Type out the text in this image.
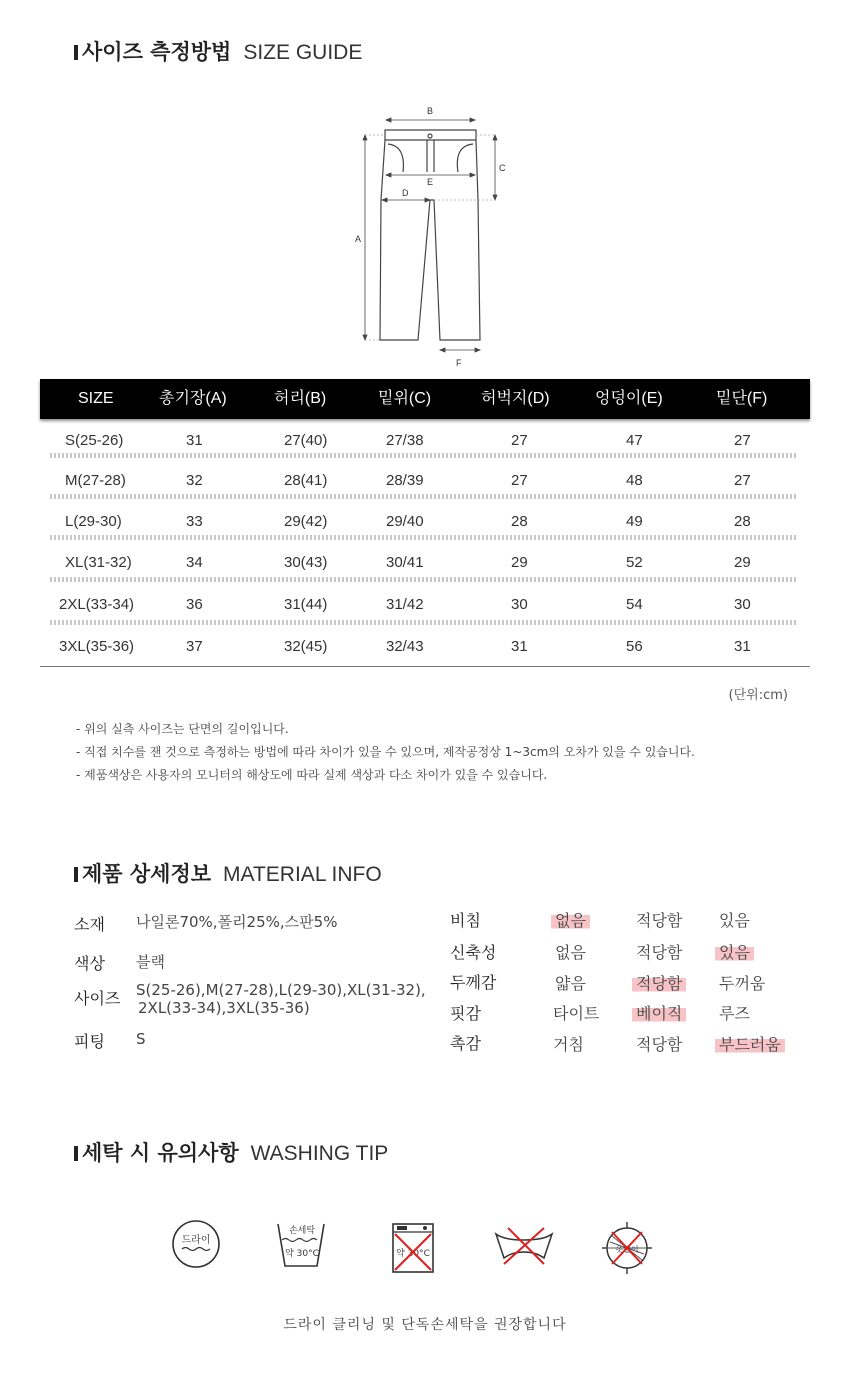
사이즈 측정방법 SIZE GUIDE
B
E
D
C
A
F
SIZE	총기장(A)	허리(B)	밑위(C)	허벅지(D)	엉덩이(E)	밑단(F)
S(25-26)	31	27(40)	27/38	27	47	27
M(27-28)	32	28(41)	28/39	27	48	27
L(29-30)	33	29(42)	29/40	28	49	28
XL(31-32)	34	30(43)	30/41	29	52	29
2XL(33-34)	36	31(44)	31/42	30	54	30
3XL(35-36)	37	32(45)	32/43	31	56	31
(단위:cm)
- 위의 실측 사이즈는 단면의 길이입니다.
- 직접 치수를 잰 것으로 측정하는 방법에 따라 차이가 있을 수 있으며, 제작공정상 1~3cm의 오차가 있을 수 있습니다.
- 제품색상은 사용자의 모니터의 해상도에 따라 실제 색상과 다소 차이가 있을 수 있습니다.
제품 상세정보 MATERIAL INFO
소재 나일론70%,폴리25%,스판5%
색상 블랙
사이즈 S(25-26),M(27-28),L(29-30),XL(31-32),
2XL(33-34),3XL(35-36)
피팅 S
비침	없음	적당함	있음
신축성	없음	적당함	있음
두께감	얇음	적당함	두꺼움
핏감	타이트	베이직	루즈
촉감	거침	적당함	부드러움
세탁 시 유의사항 WASHING TIP
드라이
손세탁
약 30°C	약 30°C	옷걸이
드라이 클리닝 및 단독손세탁을 권장합니다
